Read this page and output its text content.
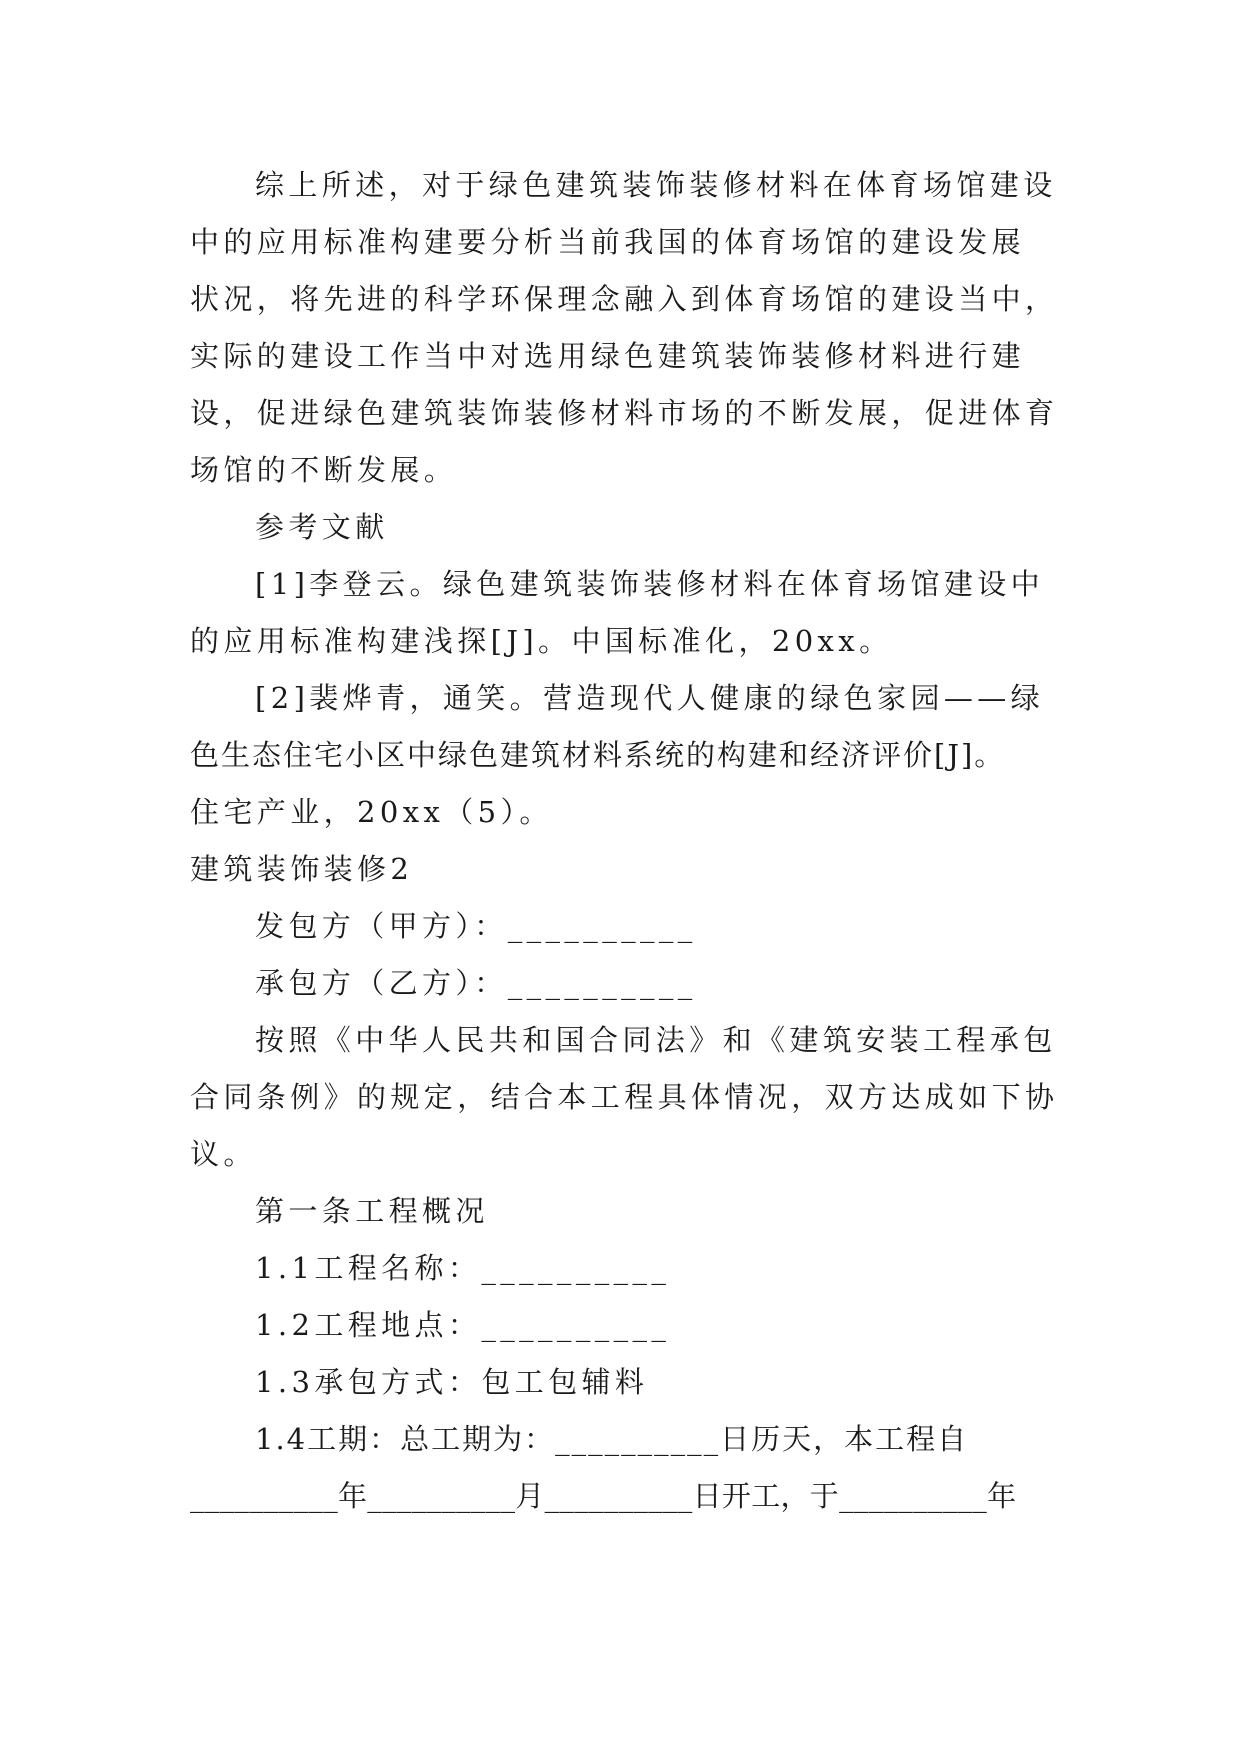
综上所述，对于绿色建筑装饰装修材料在体育场馆建设
中的应用标准构建要分析当前我国的体育场馆的建设发展
状况，将先进的科学环保理念融入到体育场馆的建设当中，
实际的建设工作当中对选用绿色建筑装饰装修材料进行建
设，促进绿色建筑装饰装修材料市场的不断发展，促进体育
场馆的不断发展。
参考文献
[1]李登云。绿色建筑装饰装修材料在体育场馆建设中
的应用标准构建浅探[J]。中国标准化，20xx。
[2]裴烨青，通笑。营造现代人健康的绿色家园——绿
色生态住宅小区中绿色建筑材料系统的构建和经济评价[J]。
住宅产业，20xx（5）。
建筑装饰装修2
发包方（甲方）：__________
承包方（乙方）：__________
按照《中华人民共和国合同法》和《建筑安装工程承包
合同条例》的规定，结合本工程具体情况，双方达成如下协
议。
第一条工程概况
1.1工程名称：__________
1.2工程地点：__________
1.3承包方式：包工包辅料
1.4工期：总工期为：__________日历天，本工程自
__________年__________月__________日开工，于__________年
